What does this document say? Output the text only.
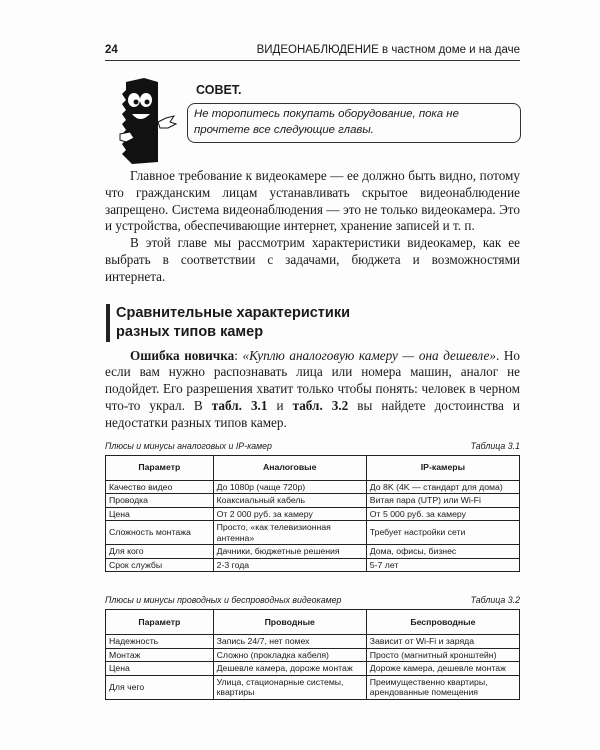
24	ВИДЕОНАБЛЮДЕНИЕ в частном доме и на даче
СОВЕТ.
Не торопитесь покупать оборудование, пока не прочтете все следующие главы.

Главное требование к видеокамере — ее должно быть видно, потому что гражданским лицам устанавливать скрытое видеонаблюдение запрещено. Система видеонаблюдения — это не только видеокамера. Это и устройства, обеспечивающие интернет, хранение записей и т. п.

В этой главе мы рассмотрим характеристики видеокамер, как ее выбрать в соответствии с задачами, бюджета и возможностями интернета.

Сравнительные характеристики
разных типов камер

Ошибка новичка: «Куплю аналоговую камеру — она дешевле». Но если вам нужно распознавать лица или номера машин, аналог не подойдет. Его разрешения хватит только чтобы понять: человек в черном что-то украл. В табл. 3.1 и табл. 3.2 вы найдете достоинства и недостатки разных типов камер.

Таблица 3.1
Плюсы и минусы аналоговых и IP-камер
Параметр	Аналоговые	IP-камеры
Качество видео	До 1080p (чаще 720p)	До 8K (4K — стандарт для дома)
Проводка	Коаксиальный кабель	Витая пара (UTP) или Wi-Fi
Цена	От 2 000 руб. за камеру	От 5 000 руб. за камеру
Сложность монтажа	Просто, «как телевизионная антенна»	Требует настройки сети
Для кого	Дачники, бюджетные решения	Дома, офисы, бизнес
Срок службы	2-3 года	5-7 лет
Таблица 3.2
Плюсы и минусы проводных и беспроводных видеокамер
Параметр	Проводные	Беспроводные
Надежность	Запись 24/7, нет помех	Зависит от Wi-Fi и заряда
Монтаж	Сложно (прокладка кабеля)	Просто (магнитный кронштейн)
Цена	Дешевле камера, дороже монтаж	Дороже камера, дешевле монтаж
Для чего	Улица, стационарные системы, квартиры	Преимущественно квартиры, арендованные помещения
